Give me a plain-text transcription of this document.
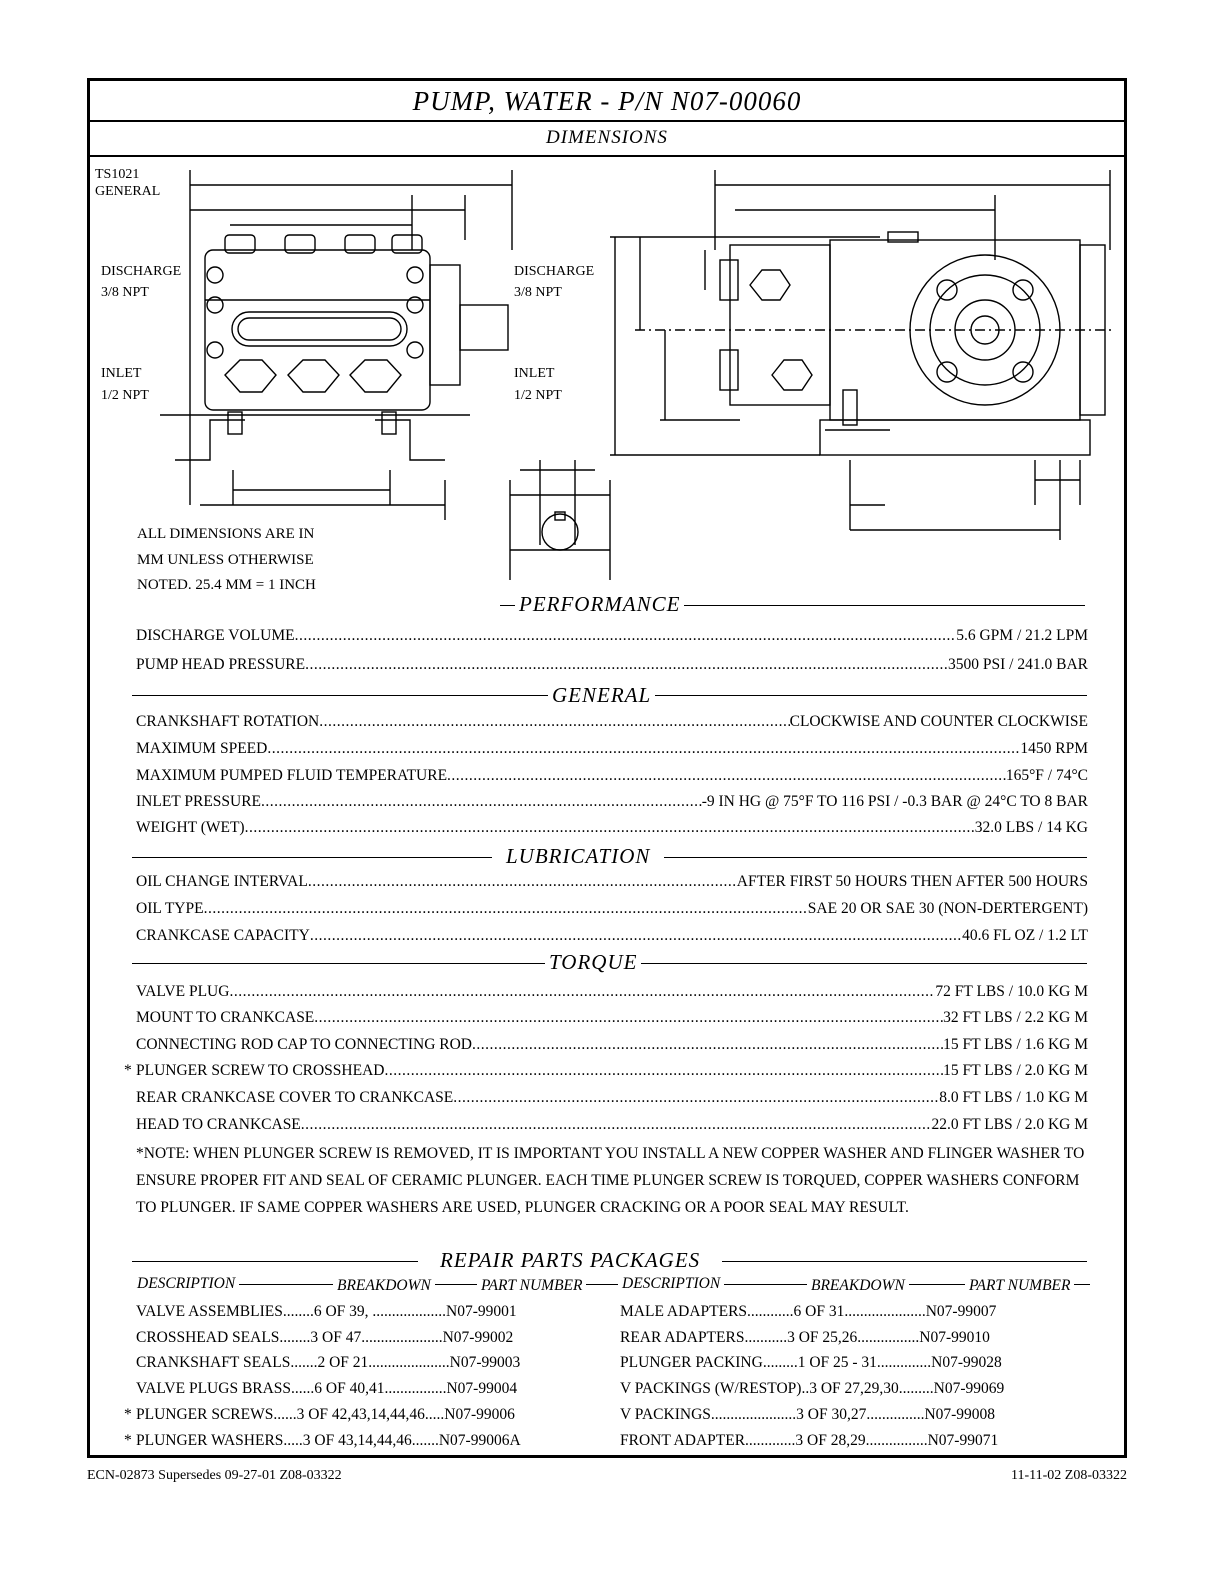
PUMP, WATER - P/N N07-00060
DIMENSIONS
TS1021
GENERAL
DISCHARGE
3/8 NPT
DISCHARGE
3/8 NPT
INLET
1/2 NPT
INLET
1/2 NPT
ALL DIMENSIONS ARE IN
MM UNLESS OTHERWISE
NOTED. 25.4 MM = 1 INCH
PERFORMANCE
DISCHARGE VOLUME .....	5.6 GPM / 21.2 LPM
PUMP HEAD PRESSURE .....	3500 PSI / 241.0 BAR
GENERAL
CRANKSHAFT ROTATION .....	CLOCKWISE AND COUNTER CLOCKWISE
MAXIMUM SPEED .....	1450 RPM
MAXIMUM PUMPED FLUID TEMPERATURE .....	165°F / 74°C
INLET PRESSURE .....	-9 IN HG @ 75°F TO 116 PSI / -0.3 BAR @ 24°C TO 8 BAR
WEIGHT (WET) .....	32.0 LBS / 14 KG
LUBRICATION
OIL CHANGE INTERVAL .....	AFTER FIRST 50 HOURS THEN AFTER 500 HOURS
OIL TYPE .....	SAE 20 OR SAE 30 (NON-DERTERGENT)
CRANKCASE CAPACITY .....	40.6 FL OZ / 1.2 LT
TORQUE
VALVE PLUG .....	72 FT LBS / 10.0 KG M
MOUNT TO CRANKCASE .....	32 FT LBS / 2.2 KG M
CONNECTING ROD CAP TO CONNECTING ROD .....	15 FT LBS / 1.6 KG M
* PLUNGER SCREW TO CROSSHEAD .....	15 FT LBS / 2.0 KG M
REAR CRANKCASE COVER TO CRANKCASE .....	8.0 FT LBS / 1.0 KG M
HEAD TO CRANKCASE .....	22.0 FT LBS / 2.0 KG M
*NOTE: WHEN PLUNGER SCREW IS REMOVED, IT IS IMPORTANT YOU INSTALL A NEW COPPER WASHER AND FLINGER WASHER TO ENSURE PROPER FIT AND SEAL OF CERAMIC PLUNGER. EACH TIME PLUNGER SCREW IS TORQUED, COPPER WASHERS CONFORM TO PLUNGER. IF SAME COPPER WASHERS ARE USED, PLUNGER CRACKING OR A POOR SEAL MAY RESULT.
REPAIR PARTS PACKAGES
DESCRIPTION	BREAKDOWN	PART NUMBER	DESCRIPTION	BREAKDOWN	PART NUMBER
VALVE ASSEMBLIES........6 OF 39, ...................N07-99001
CROSSHEAD SEALS........3 OF 47.....................N07-99002
CRANKSHAFT SEALS.......2 OF 21.....................N07-99003
VALVE PLUGS BRASS......6 OF 40,41................N07-99004
* PLUNGER SCREWS......3 OF 42,43,14,44,46.....N07-99006
* PLUNGER WASHERS.....3 OF 43,14,44,46.......N07-99006A
MALE ADAPTERS............6 OF 31.....................N07-99007
REAR ADAPTERS...........3 OF 25,26................N07-99010
PLUNGER PACKING.........1 OF 25 - 31..............N07-99028
V PACKINGS (W/RESTOP)..3 OF 27,29,30.........N07-99069
V PACKINGS......................3 OF 30,27...............N07-99008
FRONT ADAPTER.............3 OF 28,29................N07-99071
ECN-02873 Supersedes 09-27-01 Z08-03322	11-11-02 Z08-03322
